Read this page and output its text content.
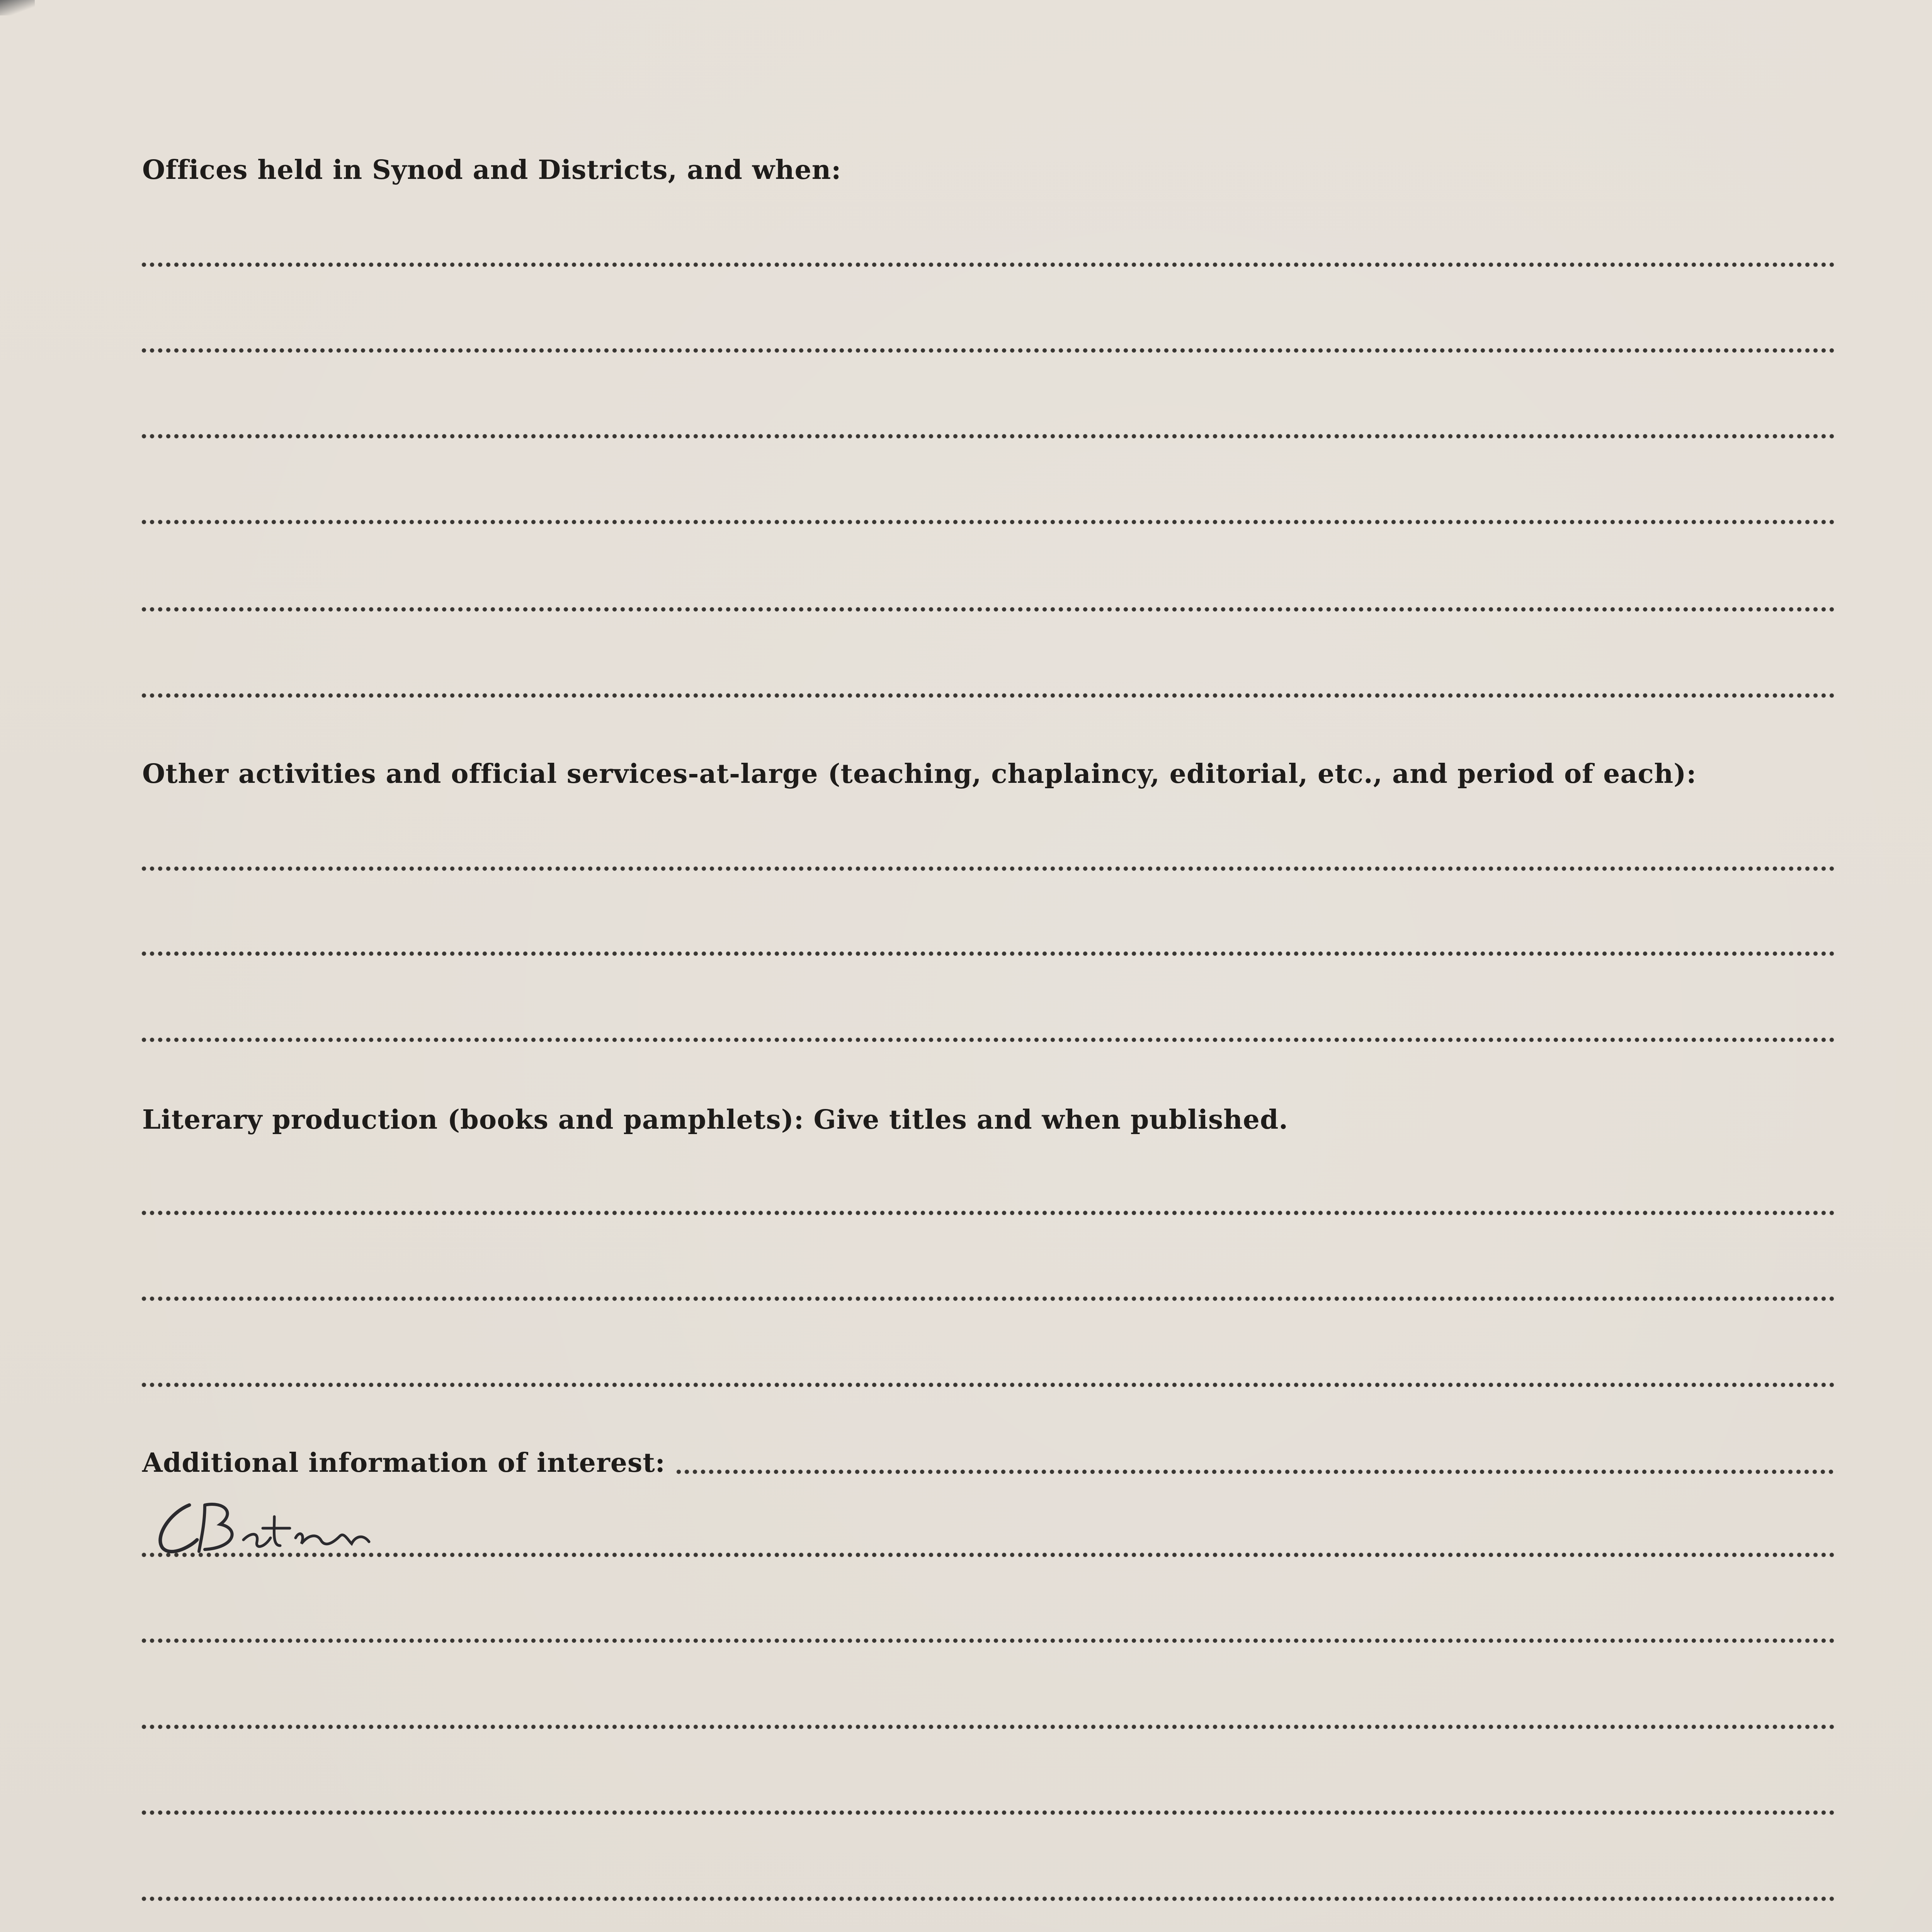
Offices held in Synod and Districts, and when:
Other activities and official services-at-large (teaching, chaplaincy, editorial, etc., and period of each):
Literary production (books and pamphlets): Give titles and when published.
Additional information of interest:
